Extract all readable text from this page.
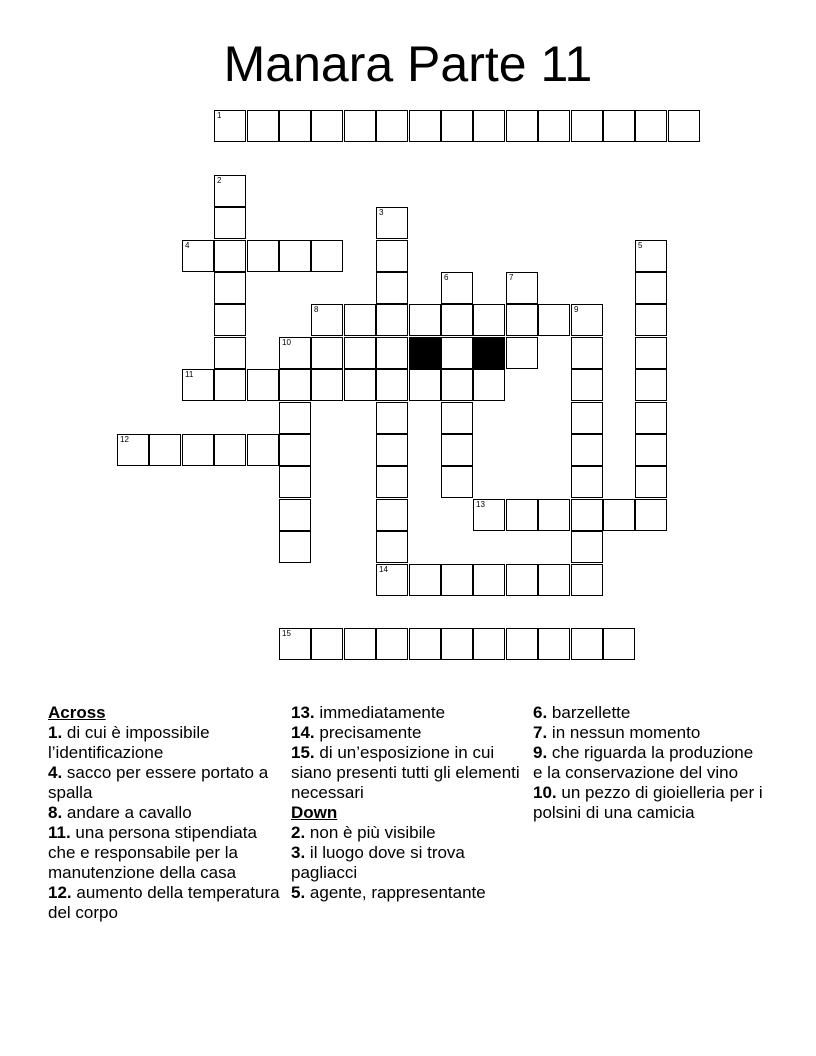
Manara Parte 11
1
2
3
4	5
6	7
8	9
10
11
12
13
14
15
Across
1. di cui è impossibile l’identificazione
4. sacco per essere portato a spalla
8. andare a cavallo
11. una persona stipendiata che e responsabile per la manutenzione della casa
12. aumento della temperatura del corpo
13. immediatamente
14. precisamente
15. di un’esposizione in cui siano presenti tutti gli elementi necessari
Down
2. non è più visibile
3. il luogo dove si trova pagliacci
5. agente, rappresentante
6. barzellette
7. in nessun momento
9. che riguarda la produzione e la conservazione del vino
10. un pezzo di gioielleria per i polsini di una camicia
